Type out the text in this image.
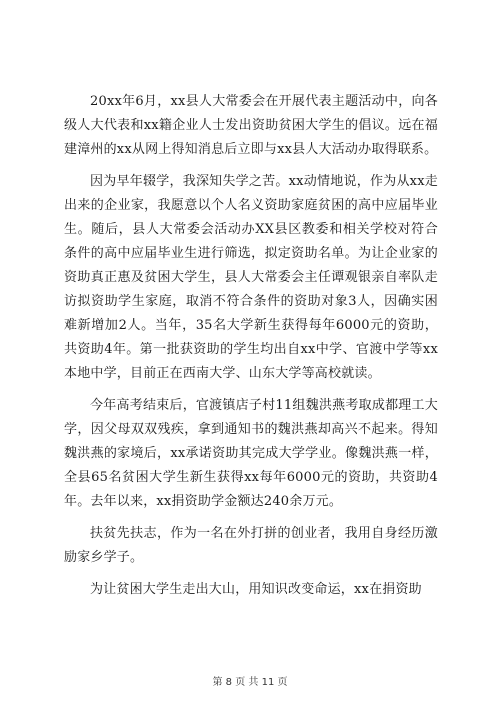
20xx年6月，xx县人大常委会在开展代表主题活动中，向各级人大代表和xx籍企业人士发出资助贫困大学生的倡议。远在福建漳州的xx从网上得知消息后立即与xx县人大活动办取得联系。

因为早年辍学，我深知失学之苦。xx动情地说，作为从xx走出来的企业家，我愿意以个人名义资助家庭贫困的高中应届毕业生。随后，县人大常委会活动办XX县区教委和相关学校对符合条件的高中应届毕业生进行筛选，拟定资助名单。为让企业家的资助真正惠及贫困大学生，县人大常委会主任谭观银亲自率队走访拟资助学生家庭，取消不符合条件的资助对象3人，因确实困难新增加2人。当年，35名大学新生获得每年6000元的资助，共资助4年。第一批获资助的学生均出自xx中学、官渡中学等xx本地中学，目前正在西南大学、山东大学等高校就读。

今年高考结束后，官渡镇店子村11组魏洪燕考取成都理工大学，因父母双双残疾，拿到通知书的魏洪燕却高兴不起来。得知魏洪燕的家境后，xx承诺资助其完成大学学业。像魏洪燕一样，全县65名贫困大学生新生获得xx每年6000元的资助，共资助4年。去年以来，xx捐资助学金额达240余万元。

扶贫先扶志，作为一名在外打拼的创业者，我用自身经历激励家乡学子。

为让贫困大学生走出大山，用知识改变命运，xx在捐资助

第 8 页 共 11 页
